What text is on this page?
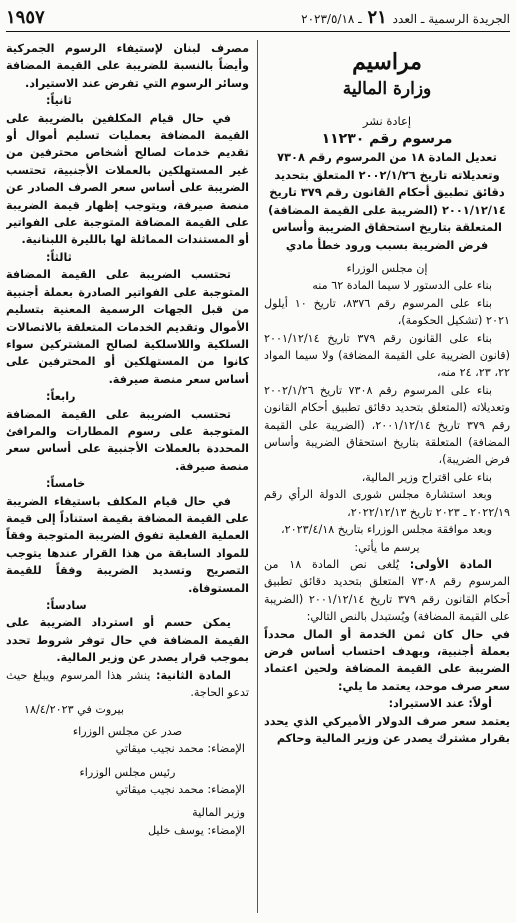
الجريدة الرسمية ـ العدد ٢١ ـ ٢٠٢٣/٥/١٨
١٩٥٧

مراسيم

وزارة المالية

إعادة نشر

مرسوم رقم ١١٢٣٠

تعديل المادة ١٨ من المرسوم رقم ٧٣٠٨ وتعديلاته تاريخ ٢٠٠٢/١/٢٦ المتعلق بتحديد دقائق تطبيق أحكام القانون رقم ٣٧٩ تاريخ ٢٠٠١/١٢/١٤ (الضريبة على القيمة المضافة) المتعلقة بتاريخ استحقاق الضريبة وأساس فرض الضريبة بسبب ورود خطأ مادي

إن مجلس الوزراء

بناء على الدستور لا سيما المادة ٦٢ منه

بناء على المرسوم رقم ٨٣٧٦، تاريخ ١٠ أيلول ٢٠٢١ (تشكيل الحكومة)،

بناء على القانون رقم ٣٧٩ تاريخ ٢٠٠١/١٢/١٤ (قانون الضريبة على القيمة المضافة) ولا سيما المواد ٢٢، ٢٣، ٢٤ منه،

بناء على المرسوم رقم ٧٣٠٨ تاريخ ٢٠٠٢/١/٢٦ وتعديلاته (المتعلق بتحديد دقائق تطبيق أحكام القانون رقم ٣٧٩ تاريخ ٢٠٠١/١٢/١٤، (الضريبة على القيمة المضافة) المتعلقة بتاريخ استحقاق الضريبة وأساس فرض الضريبة)،

بناء على اقتراح وزير المالية،

وبعد استشارة مجلس شورى الدولة الرأي رقم ٢٠٢٢/١٩ ـ ٢٠٢٣ تاريخ ٢٠٢٢/١٢/١٣،

وبعد موافقة مجلس الوزراء بتاريخ ٢٠٢٣/٤/١٨،

يرسم ما يأتي:

المادة الأولى: يُلغى نص المادة ١٨ من المرسوم رقم ٧٣٠٨ المتعلق بتحديد دقائق تطبيق أحكام القانون رقم ٣٧٩ تاريخ ٢٠٠١/١٢/١٤ (الضريبة على القيمة المضافة) ويُستبدل بالنص التالي:

في حال كان ثمن الخدمة أو المال محدداً بعملة أجنبية، وبهدف احتساب أساس فرض الضريبة على القيمة المضافة ولحين اعتماد سعر صرف موحد، يعتمد ما يلي:

أولاً: عند الاستيراد:

يعتمد سعر صرف الدولار الأميركي الذي يحدد بقرار مشترك يصدر عن وزير المالية وحاكم

مصرف لبنان لإستيفاء الرسوم الجمركية وأيضاً بالنسبة للضريبة على القيمة المضافة وسائر الرسوم التي تفرض عند الاستيراد.

ثانياً:

في حال قيام المكلفين بالضريبة على القيمة المضافة بعمليات تسليم أموال أو تقديم خدمات لصالح أشخاص محترفين من غير المستهلكين بالعملات الأجنبية، تحتسب الضريبة على أساس سعر الصرف الصادر عن منصة صيرفة، ويتوجب إظهار قيمة الضريبة على القيمة المضافة المتوجبة على الفواتير أو المستندات المماثلة لها بالليرة اللبنانية.

ثالثاً:

تحتسب الضريبة على القيمة المضافة المتوجبة على الفواتير الصادرة بعملة أجنبية من قبل الجهات الرسمية المعنية بتسليم الأموال وتقديم الخدمات المتعلقة بالاتصالات السلكية واللاسلكية لصالح المشتركين سواء كانوا من المستهلكين أو المحترفين على أساس سعر منصة صيرفة.

رابعاً:

تحتسب الضريبة على القيمة المضافة المتوجبة على رسوم المطارات والمرافئ المحددة بالعملات الأجنبية على أساس سعر منصة صيرفة.

خامساً:

في حال قيام المكلف باستيفاء الضريبة على القيمة المضافة بقيمة استناداً إلى قيمة العملية الفعلية تفوق الضريبة المتوجبة وفقاً للمواد السابقة من هذا القرار عندها يتوجب التصريح وتسديد الضريبة وفقاً للقيمة المستوفاة.

سادساً:

يمكن حسم أو استرداد الضريبة على القيمة المضافة في حال توفر شروط تحدد بموجب قرار يصدر عن وزير المالية.

المادة الثانية: ينشر هذا المرسوم ويبلغ حيث تدعو الحاجة.

بيروت في ١٨/٤/٢٠٢٣

صدر عن مجلس الوزراء

الإمضاء: محمد نجيب ميقاتي

رئيس مجلس الوزراء

الإمضاء: محمد نجيب ميقاتي

وزير المالية

الإمضاء: يوسف خليل
